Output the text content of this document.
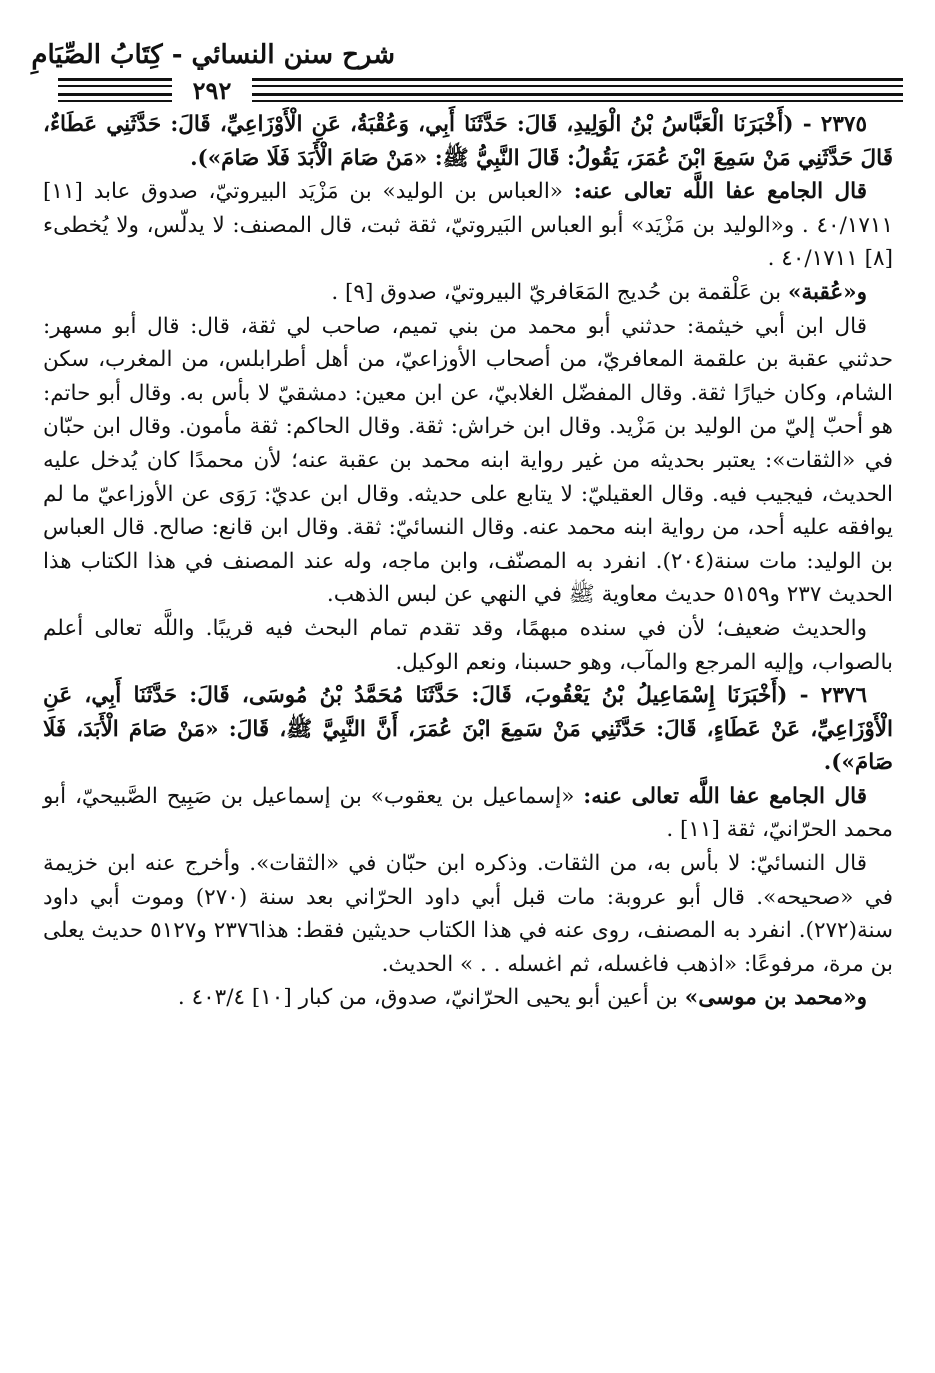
شرح سنن النسائي - كِتَابُ الصِّيَامِ
٢٩٢

٢٣٧٥ - (أَخْبَرَنَا الْعَبَّاسُ بْنُ الْوَلِيدِ، قَالَ: حَدَّثَنَا أَبِي، وَعُقْبَةُ، عَنِ الْأَوْزَاعِيِّ، قَالَ: حَدَّثَنِي عَطَاءٌ، قَالَ حَدَّثَنِي مَنْ سَمِعَ ابْنَ عُمَرَ، يَقُولُ: قَالَ النَّبِيُّ ﷺ: «مَنْ صَامَ الْأَبَدَ فَلَا صَامَ»).

قال الجامع عفا اللَّه تعالى عنه: «العباس بن الوليد» بن مَزْيَد البيروتيّ، صدوق عابد [١١] ٤٠/١٧١١ . و«الوليد بن مَزْيَد» أبو العباس البَيروتيّ، ثقة ثبت، قال المصنف: لا يدلّس، ولا يُخطىء [٨] ٤٠/١٧١١ .

و«عُقبة» بن عَلْقمة بن حُديج المَعَافريّ البيروتيّ، صدوق [٩] .

قال ابن أبي خيثمة: حدثني أبو محمد من بني تميم، صاحب لي ثقة، قال: قال أبو مسهر: حدثني عقبة بن علقمة المعافريّ، من أصحاب الأوزاعيّ، من أهل أطرابلس، من المغرب، سكن الشام، وكان خيارًا ثقة. وقال المفضّل الغلابيّ، عن ابن معين: دمشقيّ لا بأس به. وقال أبو حاتم: هو أحبّ إليّ من الوليد بن مَزْيد. وقال ابن خراش: ثقة. وقال الحاكم: ثقة مأمون. وقال ابن حبّان في «الثقات»: يعتبر بحديثه من غير رواية ابنه محمد بن عقبة عنه؛ لأن محمدًا كان يُدخل عليه الحديث، فيجيب فيه. وقال العقيليّ: لا يتابع على حديثه. وقال ابن عديّ: رَوَى عن الأوزاعيّ ما لم يوافقه عليه أحد، من رواية ابنه محمد عنه. وقال النسائيّ: ثقة. وقال ابن قانع: صالح. قال العباس بن الوليد: مات سنة(٢٠٤). انفرد به المصنّف، وابن ماجه، وله عند المصنف في هذا الكتاب هذا الحديث ٢٣٧ و٥١٥٩ حديث معاوية ﷺ في النهي عن لبس الذهب.

والحديث ضعيف؛ لأن في سنده مبهمًا، وقد تقدم تمام البحث فيه قريبًا. واللَّه تعالى أعلم بالصواب، وإليه المرجع والمآب، وهو حسبنا، ونعم الوكيل.

٢٣٧٦ - (أَخْبَرَنَا إِسْمَاعِيلُ بْنُ يَعْقُوبَ، قَالَ: حَدَّثَنَا مُحَمَّدُ بْنُ مُوسَى، قَالَ: حَدَّثَنَا أَبِي، عَنِ الْأَوْزَاعِيِّ، عَنْ عَطَاءٍ، قَالَ: حَدَّثَنِي مَنْ سَمِعَ ابْنَ عُمَرَ، أَنَّ النَّبِيَّ ﷺ، قَالَ: «مَنْ صَامَ الْأَبَدَ، فَلَا صَامَ»).

قال الجامع عفا اللَّه تعالى عنه: «إسماعيل بن يعقوب» بن إسماعيل بن صَبِيح الصَّبيحيّ، أبو محمد الحرّانيّ، ثقة [١١] .

قال النسائيّ: لا بأس به، من الثقات. وذكره ابن حبّان في «الثقات». وأخرج عنه ابن خزيمة في «صحيحه». قال أبو عروبة: مات قبل أبي داود الحرّاني بعد سنة (٢٧٠) وموت أبي داود سنة(٢٧٢). انفرد به المصنف، روى عنه في هذا الكتاب حديثين فقط: هذا٢٣٧٦ و٥١٢٧ حديث يعلى بن مرة، مرفوعًا: «اذهب فاغسله، ثم اغسله . . » الحديث.

و«محمد بن موسى» بن أعين أبو يحيى الحرّانيّ، صدوق، من كبار [١٠] ٤٠٣/٤ .
